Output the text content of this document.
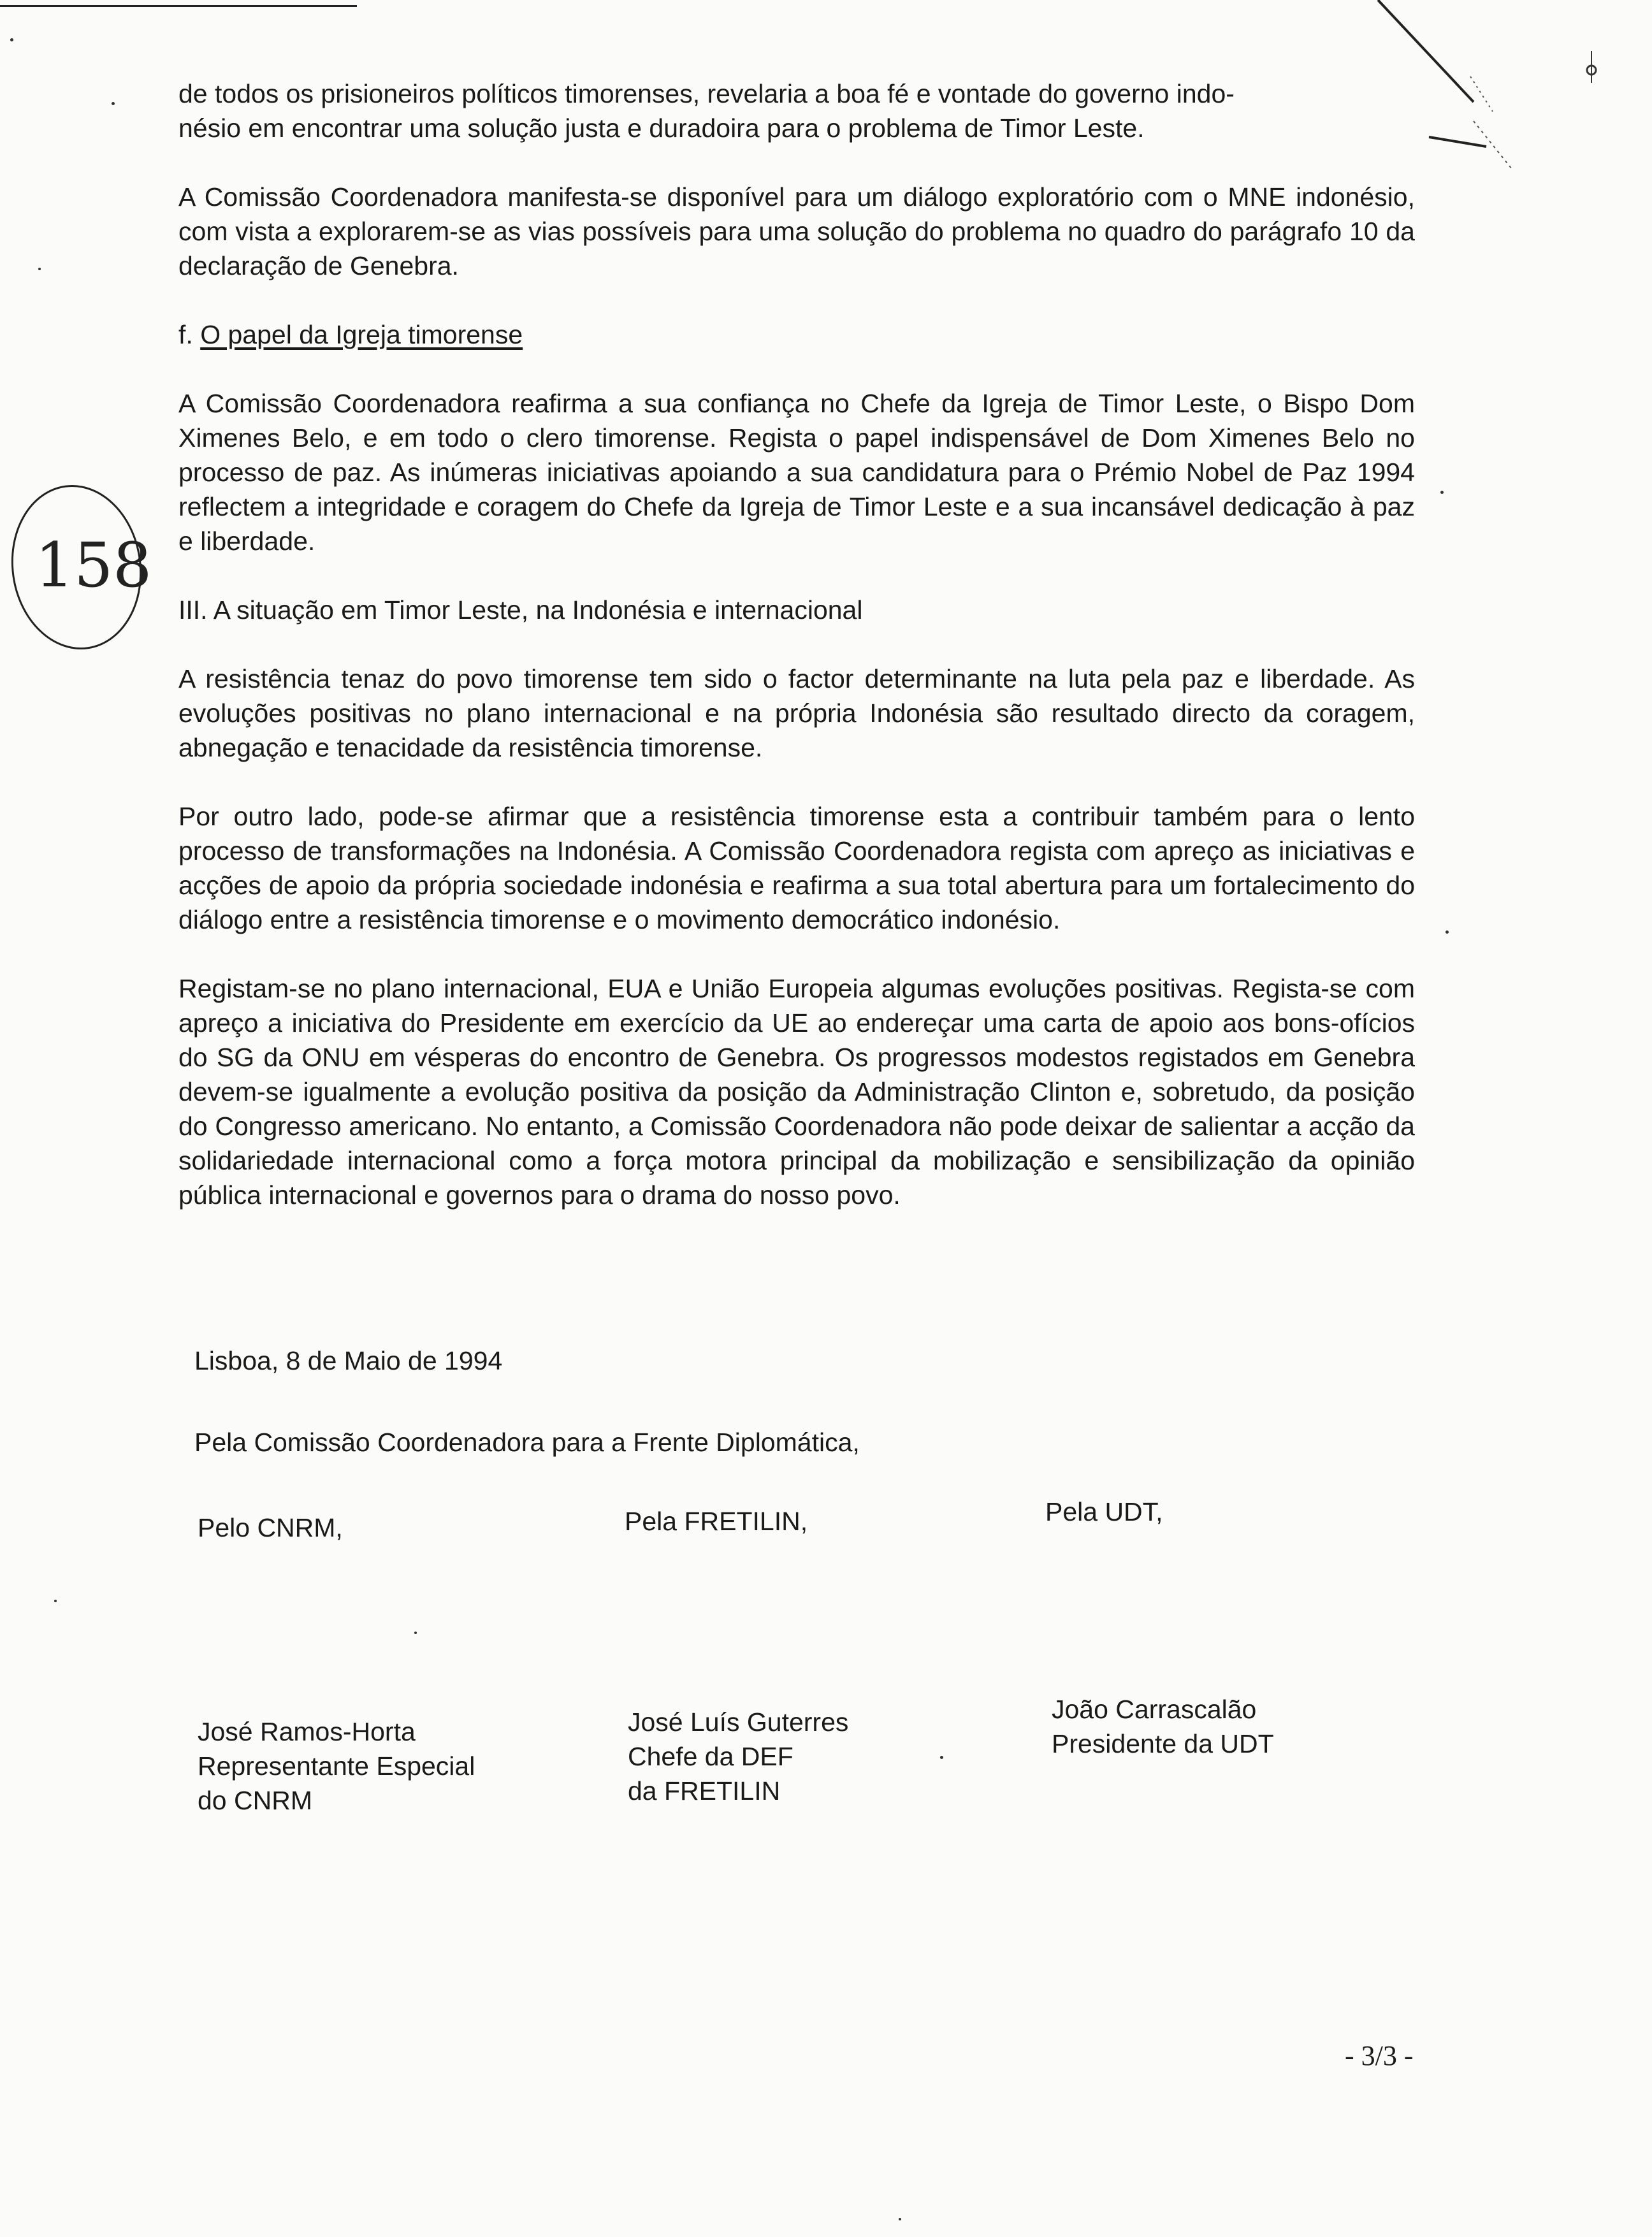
158

de todos os prisioneiros políticos timorenses, revelaria a boa fé e vontade do governo indo-

nésio em encontrar uma solução justa e duradoira para o problema de Timor Leste.

A Comissão Coordenadora manifesta-se disponível para um diálogo exploratório com o MNE indonésio, com vista a explorarem-se as vias possíveis para uma solução do problema no quadro do parágrafo 10 da declaração de Genebra.

f. O papel da Igreja timorense

A Comissão Coordenadora reafirma a sua confiança no Chefe da Igreja de Timor Leste, o Bispo Dom Ximenes Belo, e em todo o clero timorense. Regista o papel indispensável de Dom Ximenes Belo no processo de paz. As inúmeras iniciativas apoiando a sua candidatura para o Prémio Nobel de Paz 1994 reflectem a integridade e coragem do Chefe da Igreja de Timor Leste e a sua incansável dedicação à paz e liberdade.

III. A situação em Timor Leste, na Indonésia e internacional

A resistência tenaz do povo timorense tem sido o factor determinante na luta pela paz e liberdade. As evoluções positivas no plano internacional e na própria Indonésia são resultado directo da coragem, abnegação e tenacidade da resistência timorense.

Por outro lado, pode-se afirmar que a resistência timorense esta a contribuir também para o lento processo de transformações na Indonésia. A Comissão Coordenadora regista com apreço as iniciativas e acções de apoio da própria sociedade indonésia e reafirma a sua total abertura para um fortalecimento do diálogo entre a resistência timorense e o movimento democrático indonésio.

Registam-se no plano internacional, EUA e União Europeia algumas evoluções positivas. Regista-se com apreço a iniciativa do Presidente em exercício da UE ao endereçar uma carta de apoio aos bons-ofícios do SG da ONU em vésperas do encontro de Genebra. Os progressos modestos registados em Genebra devem-se igualmente a evolução positiva da posição da Administração Clinton e, sobretudo, da posição do Congresso americano. No entanto, a Comissão Coordenadora não pode deixar de salientar a acção da solidariedade internacional como a força motora principal da mobilização e sensibilização da opinião pública internacional e governos para o drama do nosso povo.

Lisboa, 8 de Maio de 1994
Pela Comissão Coordenadora para a Frente Diplomática,
Pelo CNRM,	Pela FRETILIN,	Pela UDT,
José Ramos-Horta
Representante Especial
do CNRM
José Luís Guterres
Chefe da DEF
da FRETILIN
João Carrascalão
Presidente da UDT
- 3/3 -
